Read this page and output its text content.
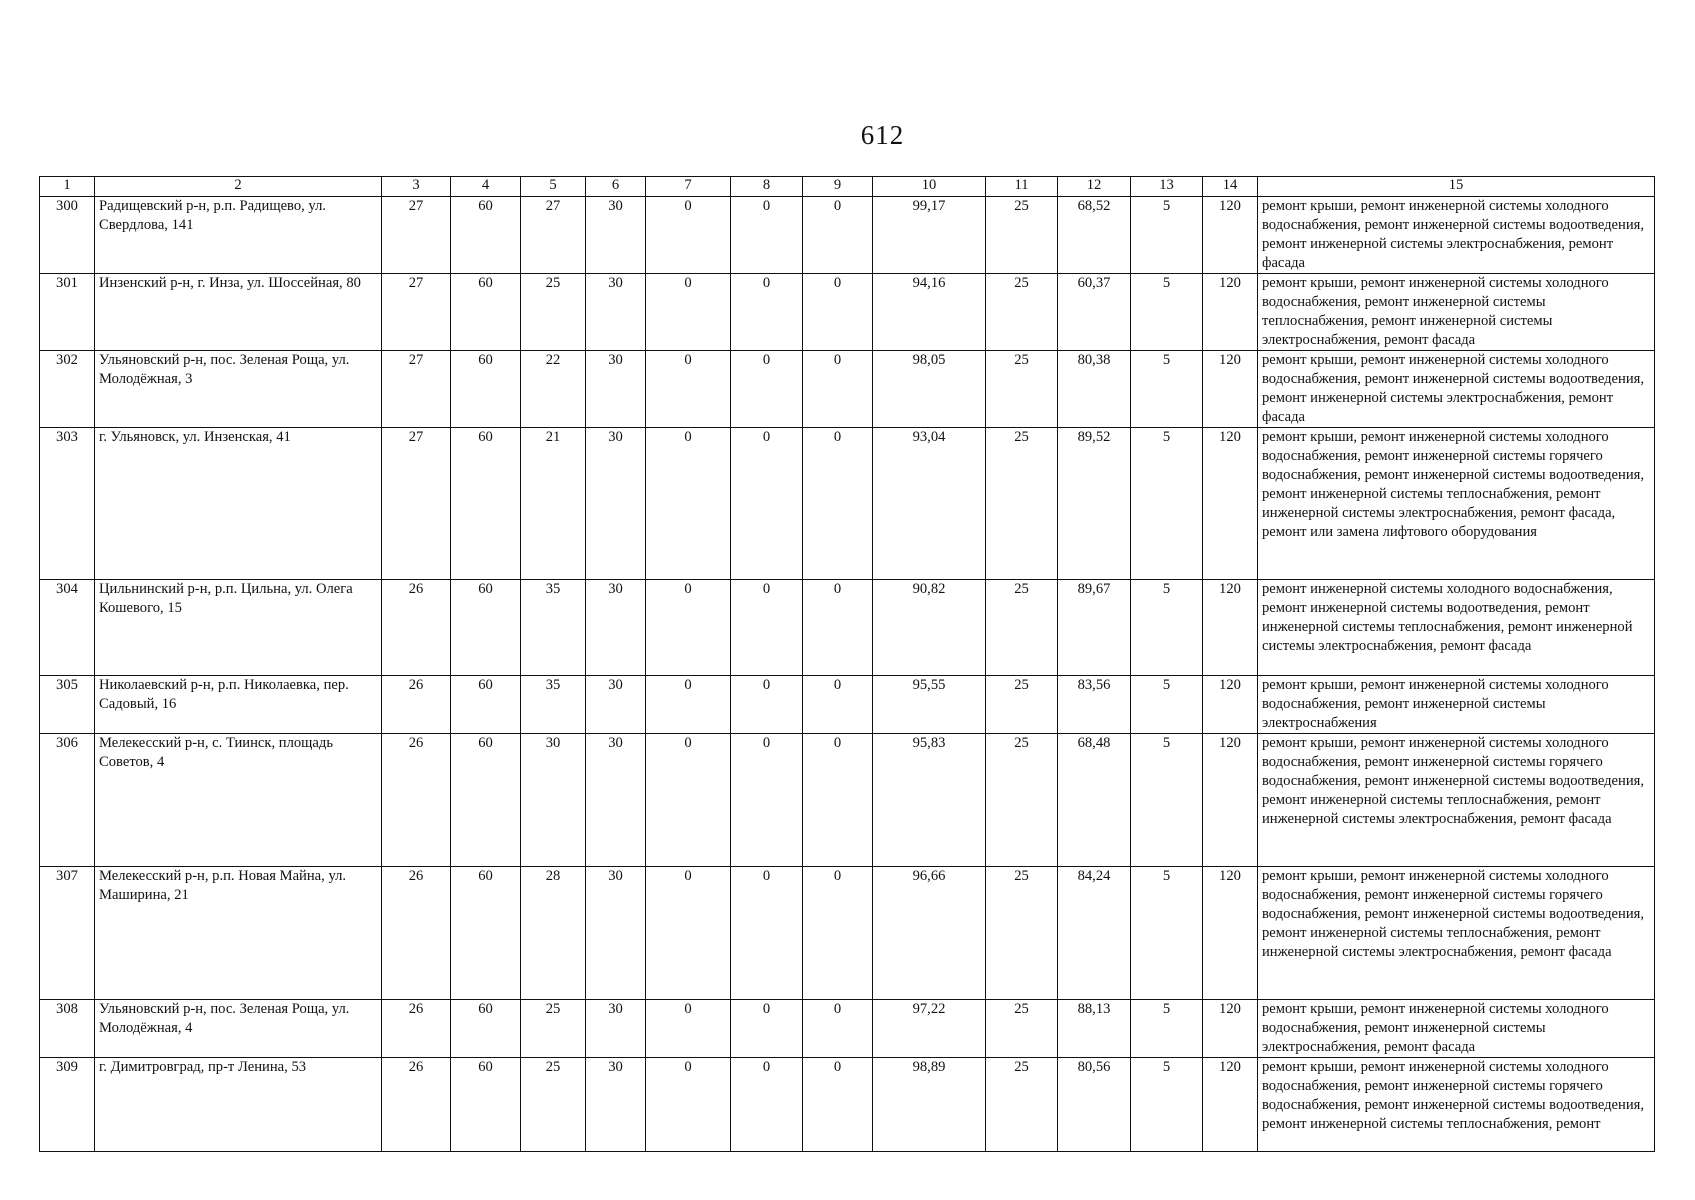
612
1	2	3	4	5	6	7	8	9	10	11	12	13	14	15
300	Радищевский р-н, р.п. Радищево, ул. Свердлова, 141	27	60	27	30	0	0	0	99,17	25	68,52	5	120	ремонт крыши, ремонт инженерной системы холодного водоснабжения, ремонт инженерной системы водоотведения, ремонт инженерной системы электроснабжения, ремонт фасада
301	Инзенский р-н, г. Инза, ул. Шоссейная, 80	27	60	25	30	0	0	0	94,16	25	60,37	5	120	ремонт крыши, ремонт инженерной системы холодного водоснабжения, ремонт инженерной системы теплоснабжения, ремонт инженерной системы электроснабжения, ремонт фасада
302	Ульяновский р-н, пос. Зеленая Роща, ул. Молодёжная, 3	27	60	22	30	0	0	0	98,05	25	80,38	5	120	ремонт крыши, ремонт инженерной системы холодного водоснабжения, ремонт инженерной системы водоотведения, ремонт инженерной системы электроснабжения, ремонт фасада
303	г. Ульяновск, ул. Инзенская, 41	27	60	21	30	0	0	0	93,04	25	89,52	5	120	ремонт крыши, ремонт инженерной системы холодного водоснабжения, ремонт инженерной системы горячего водоснабжения, ремонт инженерной системы водоотведения, ремонт инженерной системы теплоснабжения, ремонт инженерной системы электроснабжения, ремонт фасада, ремонт или замена лифтового оборудования
304	Цильнинский р-н, р.п. Цильна, ул. Олега Кошевого, 15	26	60	35	30	0	0	0	90,82	25	89,67	5	120	ремонт инженерной системы холодного водоснабжения, ремонт инженерной системы водоотведения, ремонт инженерной системы теплоснабжения, ремонт инженерной системы электроснабжения, ремонт фасада
305	Николаевский р-н, р.п. Николаевка, пер. Садовый, 16	26	60	35	30	0	0	0	95,55	25	83,56	5	120	ремонт крыши, ремонт инженерной системы холодного водоснабжения, ремонт инженерной системы электроснабжения
306	Мелекесский р-н, с. Тиинск, площадь Советов, 4	26	60	30	30	0	0	0	95,83	25	68,48	5	120	ремонт крыши, ремонт инженерной системы холодного водоснабжения, ремонт инженерной системы горячего водоснабжения, ремонт инженерной системы водоотведения, ремонт инженерной системы теплоснабжения, ремонт инженерной системы электроснабжения, ремонт фасада
307	Мелекесский р-н, р.п. Новая Майна, ул. Маширина, 21	26	60	28	30	0	0	0	96,66	25	84,24	5	120	ремонт крыши, ремонт инженерной системы холодного водоснабжения, ремонт инженерной системы горячего водоснабжения, ремонт инженерной системы водоотведения, ремонт инженерной системы теплоснабжения, ремонт инженерной системы электроснабжения, ремонт фасада
308	Ульяновский р-н, пос. Зеленая Роща, ул. Молодёжная, 4	26	60	25	30	0	0	0	97,22	25	88,13	5	120	ремонт крыши, ремонт инженерной системы холодного водоснабжения, ремонт инженерной системы электроснабжения, ремонт фасада
309	г. Димитровград, пр-т Ленина, 53	26	60	25	30	0	0	0	98,89	25	80,56	5	120	ремонт крыши, ремонт инженерной системы холодного водоснабжения, ремонт инженерной системы горячего водоснабжения, ремонт инженерной системы водоотведения, ремонт инженерной системы теплоснабжения, ремонт
